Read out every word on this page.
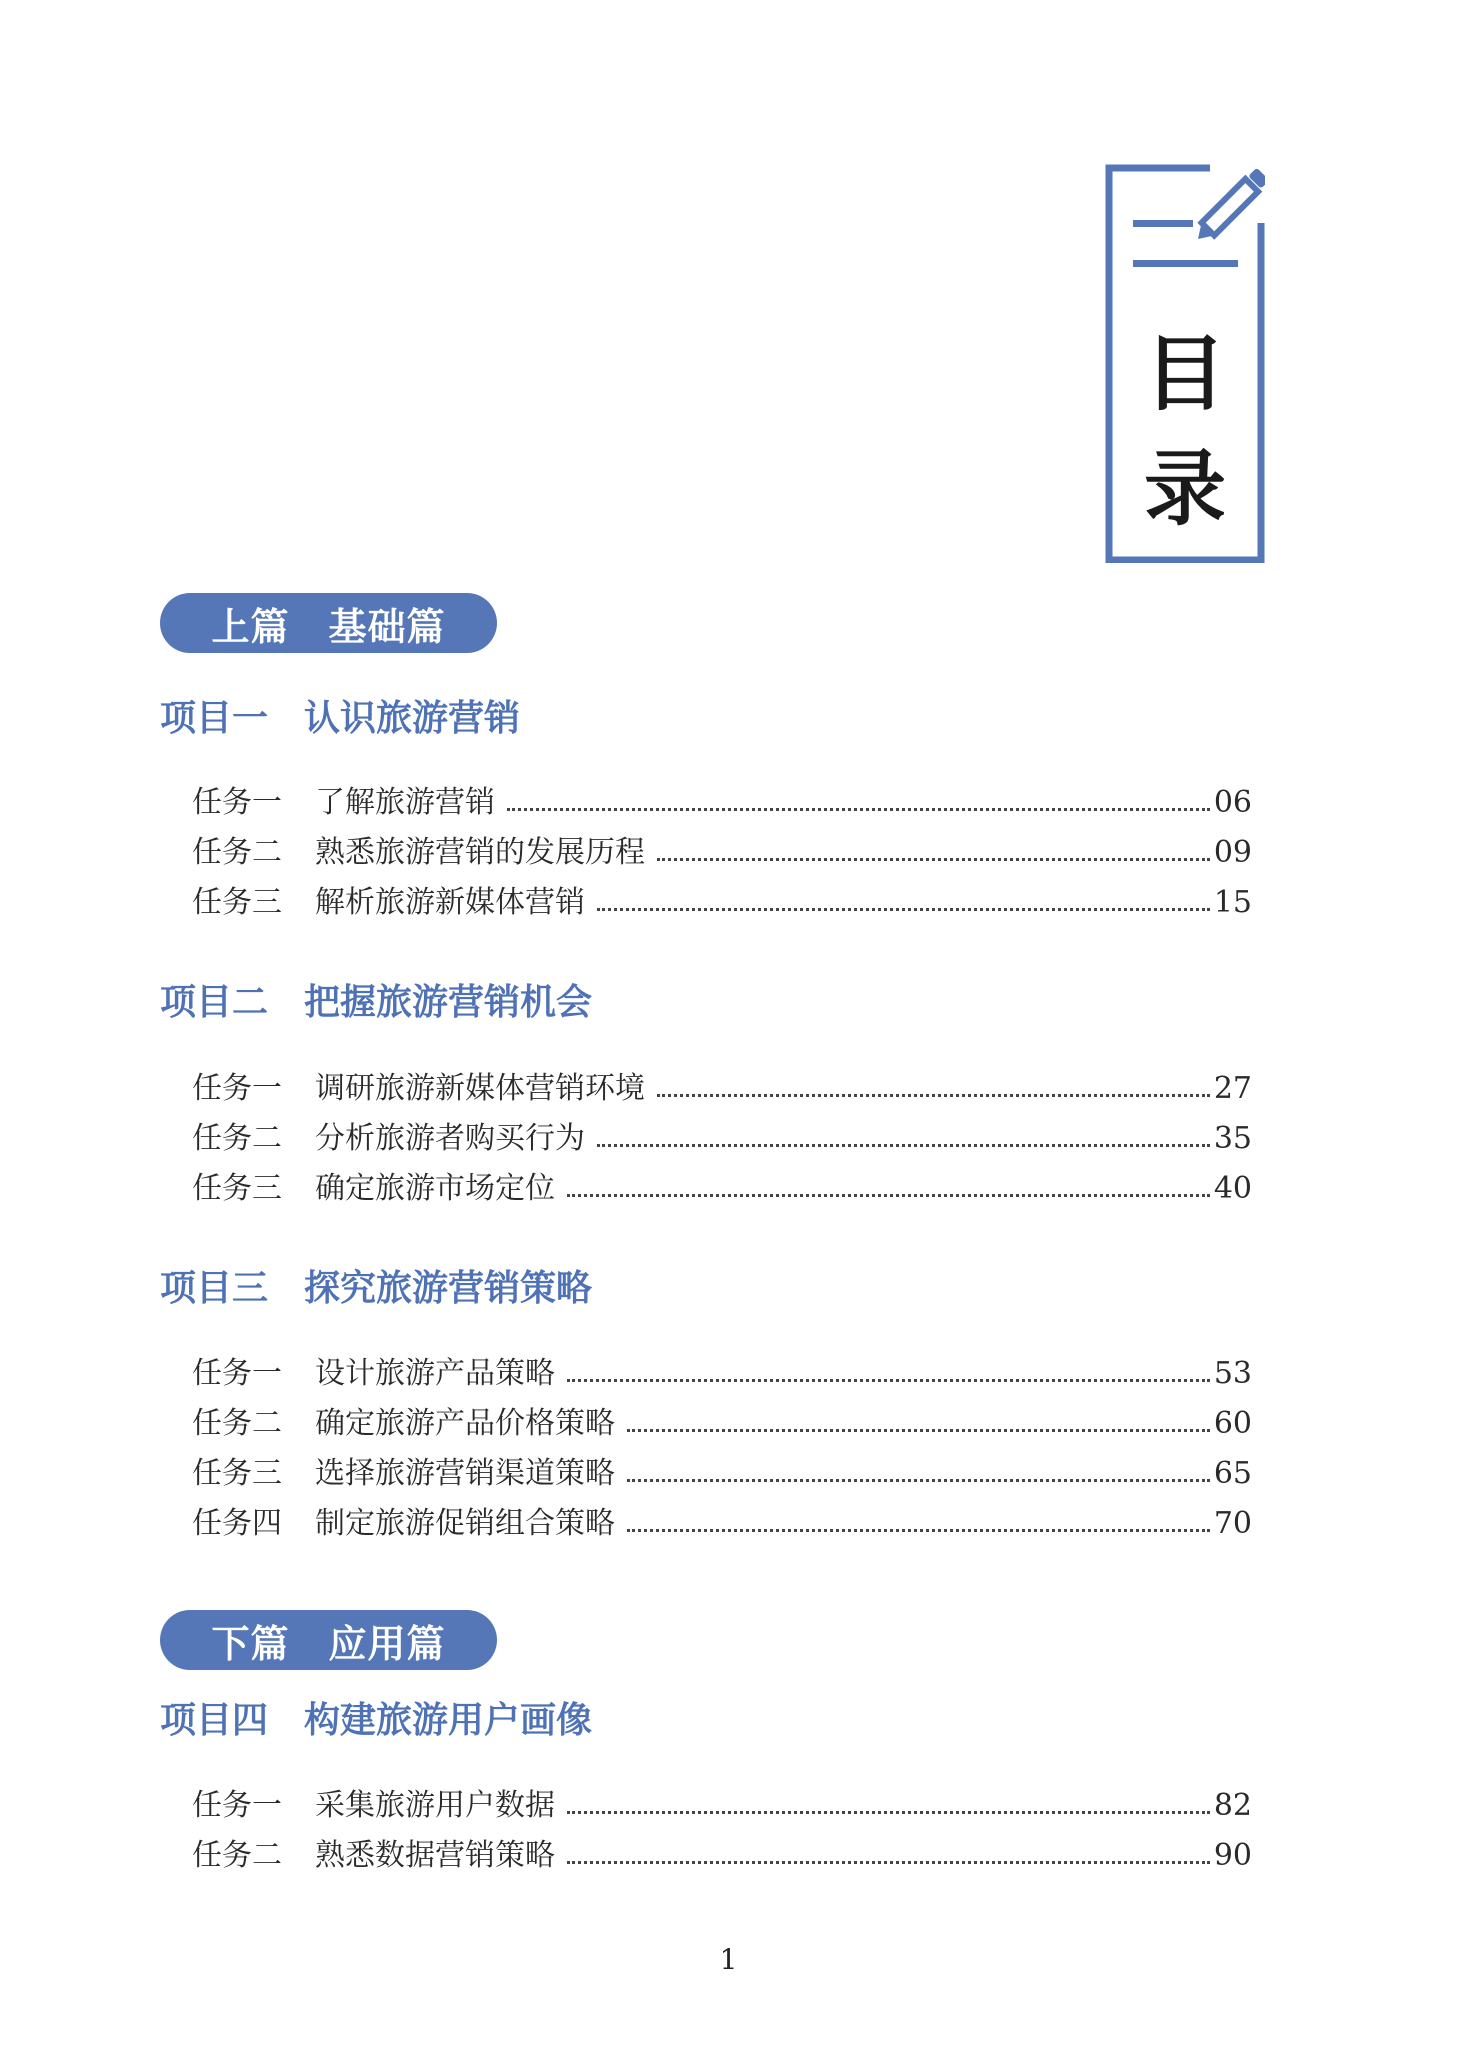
目
录
上篇　基础篇
项目一　认识旅游营销
任务一 了解旅游营销	06
任务二 熟悉旅游营销的发展历程	09
任务三 解析旅游新媒体营销	15
项目二　把握旅游营销机会
任务一 调研旅游新媒体营销环境	27
任务二 分析旅游者购买行为	35
任务三 确定旅游市场定位	40
项目三　探究旅游营销策略
任务一 设计旅游产品策略	53
任务二 确定旅游产品价格策略	60
任务三 选择旅游营销渠道策略	65
任务四 制定旅游促销组合策略	70
下篇　应用篇
项目四　构建旅游用户画像
任务一 采集旅游用户数据	82
任务二 熟悉数据营销策略	90
1
